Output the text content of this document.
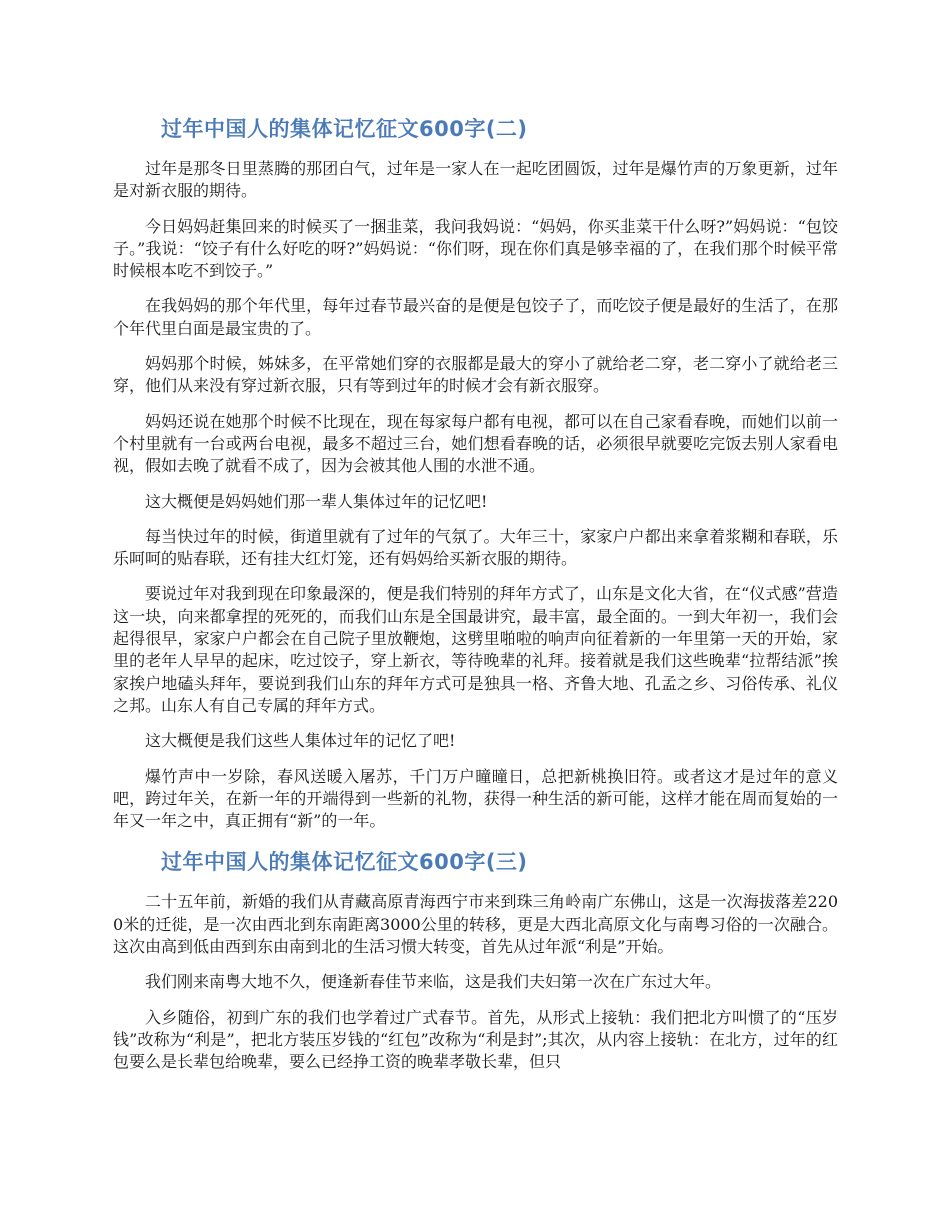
过年中国人的集体记忆征文600字(二)

过年是那冬日里蒸腾的那团白气，过年是一家人在一起吃团圆饭，过年是爆竹声的万象更新，过年是对新衣服的期待。

今日妈妈赶集回来的时候买了一捆韭菜，我问我妈说：“妈妈，你买韭菜干什么呀?”妈妈说：“包饺子。”我说：“饺子有什么好吃的呀?”妈妈说：“你们呀，现在你们真是够幸福的了，在我们那个时候平常时候根本吃不到饺子。”

在我妈妈的那个年代里，每年过春节最兴奋的是便是包饺子了，而吃饺子便是最好的生活了，在那个年代里白面是最宝贵的了。

妈妈那个时候，姊妹多，在平常她们穿的衣服都是最大的穿小了就给老二穿，老二穿小了就给老三穿，他们从来没有穿过新衣服，只有等到过年的时候才会有新衣服穿。

妈妈还说在她那个时候不比现在，现在每家每户都有电视，都可以在自己家看春晚，而她们以前一个村里就有一台或两台电视，最多不超过三台，她们想看春晚的话，必须很早就要吃完饭去别人家看电视，假如去晚了就看不成了，因为会被其他人围的水泄不通。

这大概便是妈妈她们那一辈人集体过年的记忆吧!

每当快过年的时候，街道里就有了过年的气氛了。大年三十，家家户户都出来拿着浆糊和春联，乐乐呵呵的贴春联，还有挂大红灯笼，还有妈妈给买新衣服的期待。

要说过年对我到现在印象最深的，便是我们特别的拜年方式了，山东是文化大省，在“仪式感”营造这一块，向来都拿捏的死死的，而我们山东是全国最讲究，最丰富，最全面的。一到大年初一，我们会起得很早，家家户户都会在自己院子里放鞭炮，这劈里啪啦的响声向征着新的一年里第一天的开始，家里的老年人早早的起床，吃过饺子，穿上新衣，等待晚辈的礼拜。接着就是我们这些晚辈“拉帮结派”挨家挨户地磕头拜年，要说到我们山东的拜年方式可是独具一格、齐鲁大地、孔孟之乡、习俗传承、礼仪之邦。山东人有自己专属的拜年方式。

这大概便是我们这些人集体过年的记忆了吧!

爆竹声中一岁除，春风送暖入屠苏，千门万户曈曈日，总把新桃换旧符。或者这才是过年的意义吧，跨过年关，在新一年的开端得到一些新的礼物，获得一种生活的新可能，这样才能在周而复始的一年又一年之中，真正拥有“新”的一年。

过年中国人的集体记忆征文600字(三)

二十五年前，新婚的我们从青藏高原青海西宁市来到珠三角岭南广东佛山，这是一次海拔落差2200米的迁徙，是一次由西北到东南距离3000公里的转移，更是大西北高原文化与南粤习俗的一次融合。这次由高到低由西到东由南到北的生活习惯大转变，首先从过年派“利是”开始。

我们刚来南粤大地不久，便逢新春佳节来临，这是我们夫妇第一次在广东过大年。

入乡随俗，初到广东的我们也学着过广式春节。首先，从形式上接轨：我们把北方叫惯了的“压岁钱”改称为“利是”，把北方装压岁钱的“红包”改称为“利是封”;其次，从内容上接轨：在北方，过年的红包要么是长辈包给晚辈，要么已经挣工资的晚辈孝敬长辈，但只
